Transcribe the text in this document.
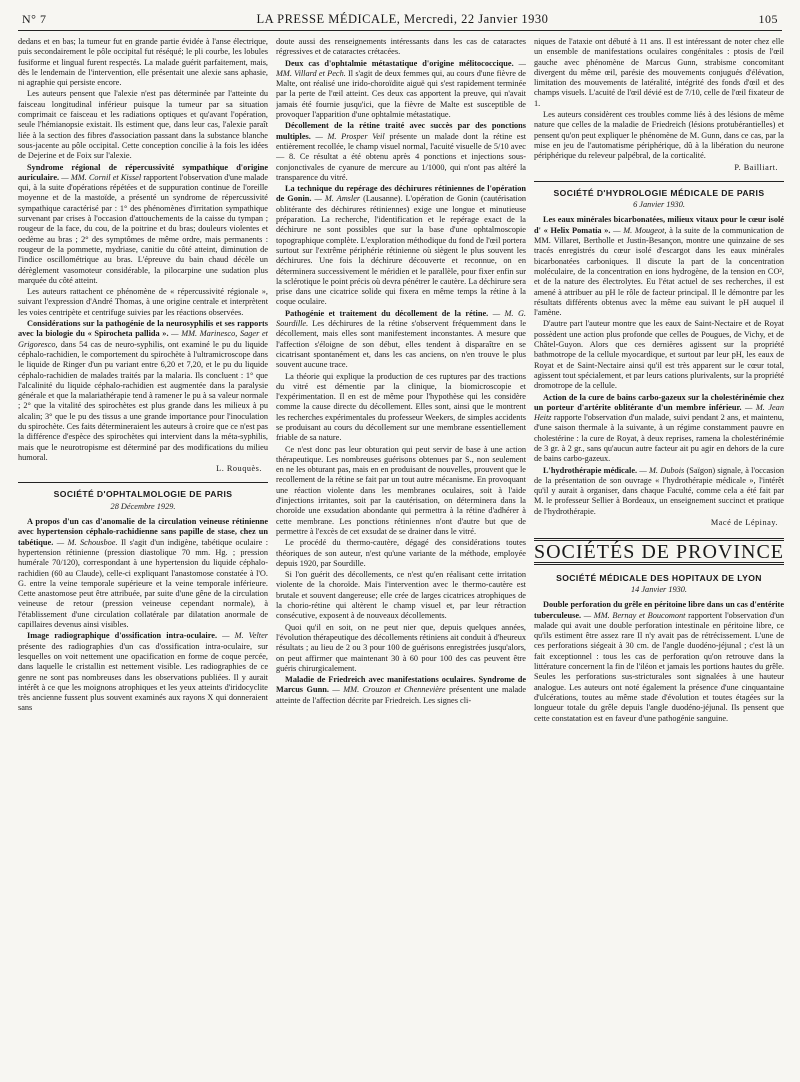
N° 7	LA PRESSE MÉDICALE, Mercredi, 22 Janvier 1930	105

dedans et en bas; la tumeur fut en grande partie évidée à l'anse électrique, puis secondairement le pôle occipital fut réséqué; le pli courbe, les lobules fusiforme et lingual furent respectés. La malade guérit parfaitement, mais, dès le lendemain de l'intervention, elle présentait une alexie sans aphasie, ni agraphie qui persiste encore.

Les auteurs pensent que l'alexie n'est pas déterminée par l'atteinte du faisceau longitudinal inférieur puisque la tumeur par sa situation comprimait ce faisceau et les radiations optiques et qu'avant l'opération, seule l'hémianopsie existait. Ils estiment que, dans leur cas, l'alexie paraît liée à la section des fibres d'association passant dans la substance blanche sous-jacente au pôle occipital. Cette conception concilie à la fois les idées de Dejerine et de Foix sur l'alexie.

Syndrome régional de répercussivité sympathique d'origine auriculaire. — MM. Cornil et Kissel rapportent l'observation d'une malade qui, à la suite d'opérations répétées et de suppuration continue de l'oreille moyenne et de la mastoïde, a présenté un syndrome de répercussivité sympathique caractérisé par : 1° des phénomènes d'irritation sympathique survenant par crises à l'occasion d'attouchements de la caisse du tympan ; rougeur de la face, du cou, de la poitrine et du bras; douleurs violentes et oedème au bras ; 2° des symptômes de même ordre, mais permanents : rougeur de la pommette, mydriase, canitie du côté atteint, diminution de l'indice oscillométrique au bras. L'épreuve du bain chaud décèle un dérèglement vasomoteur considérable, la pilocarpine une sudation plus marquée du côté atteint.

Les auteurs rattachent ce phénomène de « répercussivité régionale », suivant l'expression d'André Thomas, à une origine centrale et interprètent les voies centripète et centrifuge suivies par les réactions observées.

Considérations sur la pathogénie de la neurosyphilis et ses rapports avec la biologie du « Spirocheta pallida ». — MM. Marinesco, Sager et Grigoresco, dans 54 cas de neuro-syphilis, ont examiné le pu du liquide céphalo-rachidien, le comportement du spirochète à l'ultramicroscope dans le liquide de Ringer d'un pu variant entre 6,20 et 7,20, et le pu du liquide céphalo-rachidien de malades traités par la malaria. Ils concluent : 1° que l'alcalinité du liquide céphalo-rachidien est augmentée dans la paralysie générale et que la malariathérapie tend à ramener le pu à sa valeur normale ; 2° que la vitalité des spirochètes est plus grande dans les milieux à pu alcalin; 3° que le pu des tissus a une grande importance pour l'inoculation du spirochète. Ces faits détermineraient les auteurs à croire que ce n'est pas la différence d'espèce des spirochètes qui intervient dans la méta-syphilis, mais que le neurotropisme est déterminé par des modifications du milieu humoral.

L. Rouquès.
SOCIÉTÉ D'OPHTALMOLOGIE DE PARIS
28 Décembre 1929.

A propos d'un cas d'anomalie de la circulation veineuse rétinienne avec hypertension céphalo-rachidienne sans papille de stase, chez un tabétique. — M. Schousboe. Il s'agit d'un indigène, tabétique oculaire : hypertension rétinienne (pression diastolique 70 mm. Hg. ; pression humérale 70/120), correspondant à une hypertension du liquide céphalo-rachidien (60 au Claude), celle-ci expliquant l'anastomose constatée à l'O. G. entre la veine temporale supérieure et la veine temporale inférieure. Cette anastomose peut être attribuée, par suite d'une gêne de la circulation veineuse de retour (pression veineuse cependant normale), à l'établissement d'une circulation collatérale par dilatation anormale de capillaires devenus ainsi visibles.

Image radiographique d'ossification intra-oculaire. — M. Velter présente des radiographies d'un cas d'ossification intra-oculaire, sur lesquelles on voit nettement une opacification en forme de coque percée, dans laquelle le cristallin est nettement visible. Les radiographies de ce genre ne sont pas nombreuses dans les observations publiées. Il y aurait intérêt à ce que les moignons atrophiques et les yeux atteints d'iridocyclite très ancienne fussent plus souvent examinés aux rayons X qui donneraient sans

doute aussi des renseignements intéressants dans les cas de cataractes régressives et de cataractes crétacées.

Deux cas d'ophtalmie métastatique d'origine mélitococcique. — MM. Villard et Pech. Il s'agit de deux femmes qui, au cours d'une fièvre de Malte, ont réalisé une irido-choroïdite aiguë qui s'est rapidement terminée par la perte de l'œil atteint. Ces deux cas apportent la preuve, qui n'avait jamais été fournie jusqu'ici, que la fièvre de Malte est susceptible de provoquer l'apparition d'une ophtalmie métastatique.

Décollement de la rétine traité avec succès par des ponctions multiples. — M. Prosper Veil présente un malade dont la rétine est entièrement recollée, le champ visuel normal, l'acuité visuelle de 5/10 avec — 8. Ce résultat a été obtenu après 4 ponctions et injections sous-conjonctivales de cyanure de mercure au 1/1000, qui n'ont pas altéré la transparence du vitré.

La technique du repérage des déchirures rétiniennes de l'opération de Gonin. — M. Amsler (Lausanne). L'opération de Gonin (cautérisation oblitérante des déchirures rétiniennes) exige une longue et minutieuse préparation. La recherche, l'identification et le repérage exact de la déchirure ne sont possibles que sur la base d'une ophtalmoscopie topographique complète. L'exploration méthodique du fond de l'œil portera surtout sur l'extrême périphérie rétinienne où siègent le plus souvent les déchirures. Une fois la déchirure découverte et reconnue, on en déterminera successivement le méridien et le parallèle, pour fixer enfin sur la sclérotique le point précis où devra pénétrer le cautère. La déchirure sera prise dans une cicatrice solide qui fixera en même temps la rétine à la coque oculaire.

Pathogénie et traitement du décollement de la rétine. — M. G. Sourdille. Les déchirures de la rétine s'observent fréquemment dans le décollement, mais elles sont manifestement inconstantes. A mesure que l'affection s'éloigne de son début, elles tendent à disparaître en se cicatrisant spontanément et, dans les cas anciens, on n'en trouve le plus souvent aucune trace.

La théorie qui explique la production de ces ruptures par des tractions du vitré est démentie par la clinique, la biomicroscopie et l'expérimentation. Il en est de même pour l'hypothèse qui les considère comme la cause directe du décollement. Elles sont, ainsi que le montrent les recherches expérimentales du professeur Weekers, de simples accidents se produisant au cours du décollement sur une membrane essentiellement friable de sa nature.

Ce n'est donc pas leur obturation qui peut servir de base à une action thérapeutique. Les nombreuses guérisons obtenues par S., non seulement en ne les obturant pas, mais en en produisant de nouvelles, prouvent que le recollement de la rétine se fait par un tout autre mécanisme. En provoquant une réaction violente dans les membranes oculaires, soit à l'aide d'injections irritantes, soit par la cautérisation, on déterminera dans la choroïde une exsudation abondante qui permettra à la rétine d'adhérer à cette membrane. Les ponctions rétiniennes n'ont d'autre but que de permettre à l'excès de cet exsudat de se drainer dans le vitré.

Le procédé du thermo-cautère, dégagé des considérations toutes théoriques de son auteur, n'est qu'une variante de la méthode, employée depuis 1920, par Sourdille.

Si l'on guérit des décollements, ce n'est qu'en réalisant cette irritation violente de la choroïde. Mais l'intervention avec le thermo-cautère est brutale et souvent dangereuse; elle crée de larges cicatrices atrophiques de la chorio-rétine qui altèrent le champ visuel et, par leur rétraction consécutive, exposent à de nouveaux décollements.

Quoi qu'il en soit, on ne peut nier que, depuis quelques années, l'évolution thérapeutique des décollements rétiniens ait conduit à d'heureux résultats ; au lieu de 2 ou 3 pour 100 de guérisons enregistrées jusqu'alors, on peut affirmer que maintenant 30 à 60 pour 100 des cas peuvent être guéris chirurgicalement.

Maladie de Friedreich avec manifestations oculaires. Syndrome de Marcus Gunn. — MM. Crouzon et Chennevière présentent une malade atteinte de l'affection décrite par Friedreich. Les signes cli-

niques de l'ataxie ont débuté à 11 ans. Il est intéressant de noter chez elle un ensemble de manifestations oculaires congénitales : ptosis de l'œil gauche avec phénomène de Marcus Gunn, strabisme concomitant divergent du même œil, parésie des mouvements conjugués d'élévation, limitation des mouvements de latéralité, intégrité des fonds d'œil et des champs visuels. L'acuité de l'œil dévié est de 7/10, celle de l'œil fixateur de 1.

Les auteurs considèrent ces troubles comme liés à des lésions de même nature que celles de la maladie de Friedreich (lésions protubérantielles) et pensent qu'on peut expliquer le phénomène de M. Gunn, dans ce cas, par la mise en jeu de l'automatisme périphérique, dû à la libération du neurone périphérique du releveur palpébral, de la corticalité.

P. Bailliart.
SOCIÉTÉ D'HYDROLOGIE MÉDICALE DE PARIS
6 Janvier 1930.

Les eaux minérales bicarbonatées, milieux vitaux pour le cœur isolé d' « Helix Pomatia ». — M. Mougeot, à la suite de la communication de MM. Villaret, Bertholle et Justin-Besançon, montre une quinzaine de ses tracés enregistrés du cœur isolé d'escargot dans les eaux minérales bicarbonatées carboniques. Il discute la part de la concentration moléculaire, de la concentration en ions hydrogène, de la tension en CO², et de la nature des électrolytes. Eu l'état actuel de ses recherches, il est amené à attribuer au pH le rôle de facteur principal. Il le démontre par les résultats différents obtenus avec la même eau suivant le pH auquel il l'amène.

D'autre part l'auteur montre que les eaux de Saint-Nectaire et de Royat possèdent une action plus profonde que celles de Pougues, de Vichy, et de Châtel-Guyon. Alors que ces dernières agissent sur la propriété bathmotrope de la cellule myocardique, et surtout par leur pH, les eaux de Royat et de Saint-Nectaire ainsi qu'il est très apparent sur le cœur total, agissent tout spécialement, et par leurs cations plurivalents, sur la propriété dromotrope de la cellule.

Action de la cure de bains carbo-gazeux sur la cholestérinémie chez un porteur d'artérite oblitérante d'un membre inférieur. — M. Jean Heitz rapporte l'observation d'un malade, suivi pendant 2 ans, et maintenu, d'une saison thermale à la suivante, à un régime constamment pauvre en cholestérine : la cure de Royat, à deux reprises, ramena la cholestérinémie de 3 gr. à 2 gr., sans qu'aucun autre facteur ait pu agir en dehors de la cure de bains carbo-gazeux.

L'hydrothérapie médicale. — M. Dubois (Saïgon) signale, à l'occasion de la présentation de son ouvrage « l'hydrothérapie médicale », l'intérêt qu'il y aurait à organiser, dans chaque Faculté, comme cela a été fait par M. le professeur Sellier à Bordeaux, un enseignement succinct et pratique de l'hydrothérapie.

Macé de Lépinay.
SOCIÉTÉS DE PROVINCE
SOCIÉTÉ MÉDICALE DES HOPITAUX DE LYON
14 Janvier 1930.

Double perforation du grêle en péritoine libre dans un cas d'entérite tuberculeuse. — MM. Bernay et Boucomont rapportent l'observation d'un malade qui avait une double perforation intestinale en péritoine libre, ce qu'ils estiment être assez rare Il n'y avait pas de rétrécissement. L'une de ces perforations siégeait à 30 cm. de l'angle duodéno-jéjunal ; c'est là un fait exceptionnel : tous les cas de perforation qu'on retrouve dans la littérature concernent la fin de l'iléon et jamais les portions hautes du grêle. Seules les perforations sus-stricturales sont signalées à une hauteur analogue. Les auteurs ont noté également la présence d'une cinquantaine d'ulcérations, toutes au même stade d'évolution et toutes étagées sur la longueur totale du grêle depuis l'angle duodéno-jéjunal. Ils pensent que cette constatation est en faveur d'une pathogénie sanguine.
